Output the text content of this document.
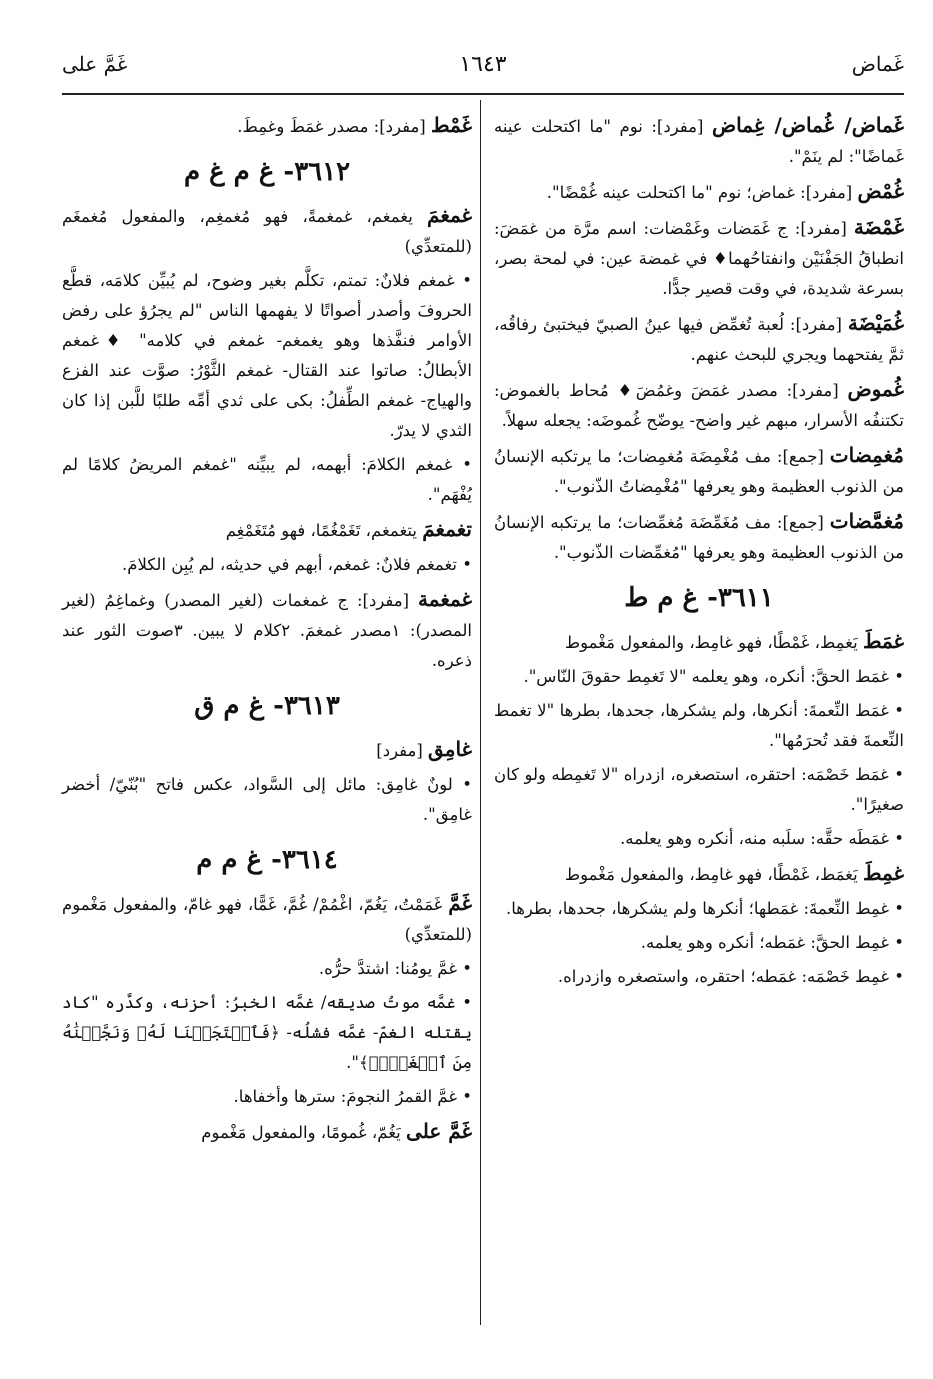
١٦٤٣	غَماض
غَمَّ على
غَماض/ غُماض/ غِماض [مفرد]: نوم "ما اكتحلت عينه غَماضًا": لم ينَمْ".
غُمْض [مفرد]: غماض؛ نوم "ما اكتحلت عينه غُمْضًا".
غَمْضَة [مفرد]: ج غَمَضات وغَمْضات: اسم مرَّة من غمَضَ: انطباقُ الجَفْنَيْن وانفتاحُهما♦ في غمضة عين: في لمحة بصر، بسرعة شديدة، في وقت قصير جدًّا.
غُمَيْضَة [مفرد]: لُعبة تُغمِّض فيها عينُ الصبيّ فيختبئ رفاقُه، ثمَّ يفتحهما ويجري للبحث عنهم.
غُموض [مفرد]: مصدر غمَضَ وغمُضَ♦ مُحاط بالغموض: تكتنفُه الأسرار، مبهم غير واضح- يوضّح غُموضَه: يجعله سهلاً.
مُغمِضات [جمع]: مف مُغْمِضَة مُغمِضات؛ ما يرتكبه الإنسانُ من الذنوب العظيمة وهو يعرفها "مُغْمِضاتُ الذّنوب".
مُغمَّضات [جمع]: مف مُغَمِّضَة مُغمِّضات؛ ما يرتكبه الإنسانُ من الذنوب العظيمة وهو يعرفها "مُغمِّضات الذّنوب".
٣٦١١- غ م ط
غمَطَ يَغمِط، غَمْطًا، فهو غامِط، والمفعول مَغْموط
• غمَط الحقَّ: أنكره، وهو يعلمه "لا تَغمِط حقوقَ النّاس".
• غمَط النِّعمةَ: أنكرها، ولم يشكرها، جحدها، بطرها "لا تغمط النِّعمةَ فقد تُحرَمُها".
• غمَط خَصْمَه: احتقره، استصغره، ازدراه "لا تَغمِطه ولو كان صغيرًا".
• غمَطَه حقَّه: سلَبه منه، أنكره وهو يعلمه.
غمِطَ يَغمَط، غَمْطًا، فهو غامِط، والمفعول مَغْموط
• غمِط النِّعمةَ: غمَطها؛ أنكرها ولم يشكرها، جحدها، بطرها.
• غمِط الحقَّ: غمَطه؛ أنكره وهو يعلمه.
• غمِط خَصْمَه: غمَطه؛ احتقره، واستصغره وازدراه.
غَمْط [مفرد]: مصدر غمَطَ وغمِطَ.
٣٦١٢- غ م غ م
غمغمَ يغمغم، غمغمةً، فهو مُغمغِم، والمفعول مُغمغَم (للمتعدِّي)
• غمغم فلانٌ: تمتم، تكلَّم بغير وضوح، لم يُبيِّن كلامَه، قطَّع الحروفَ وأصدر أصواتًا لا يفهمها الناس "لم يجرُؤ على رفض الأوامر فنفَّذها وهو يغمغم- غمغم في كلامه" ♦غمغم الأبطالُ: صاتوا عند القتال- غمغم الثَّوْرُ: صوَّت عند الفزع والهياج- غمغم الطِّفلُ: بكى على ثدي أمِّه طلبًا للَّبن إذا كان الثدي لا يدرّ.
• غمغم الكلامَ: أبهمه، لم يبيِّنه "غمغم المريضُ كلامًا لم يُفْهَم".
تغمغمَ يتغمغم، تَغَمْغُمًا، فهو مُتَغَمْغِم
• تغمغم فلانٌ: غمغم، أبهم في حديثه، لم يُبِن الكلامَ.
غمغمة [مفرد]: ج غمغمات (لغير المصدر) وغماغِمُ (لغير المصدر): ١مصدر غمغمَ. ٢كلام لا يبين. ٣صوت الثور عند ذعره.
٣٦١٣- غ م ق
غامِق [مفرد]
• لونٌ غامِق: مائل إلى السَّواد، عكس فاتح "بُنّيّ/ أخضر غامِق".
٣٦١٤- غ م م
غَمَّ غَمَمْتُ، يَغُمّ، اغْمُمْ/ غُمَّ، غَمًّا، فهو غامّ، والمفعول مَغْموم (للمتعدِّي)
• غمَّ يومُنا: اشتدَّ حرُّه.
• غمَّه موتُ صديقه/ غمَّه الخبرُ: أحزنه، وكدَّره "كاد يقتله الغمّ- غمَّه فشلُه- ﴿فَٱسۡتَجَبۡنَا لَهُۥ وَنَجَّيۡنَٰهُ مِنَ ٱلۡغَمِّۚ﴾".
• غمَّ القمرُ النجومَ: سترها وأخفاها.
غَمَّ على يَغُمّ، غُمومًا، والمفعول مَغْموم
